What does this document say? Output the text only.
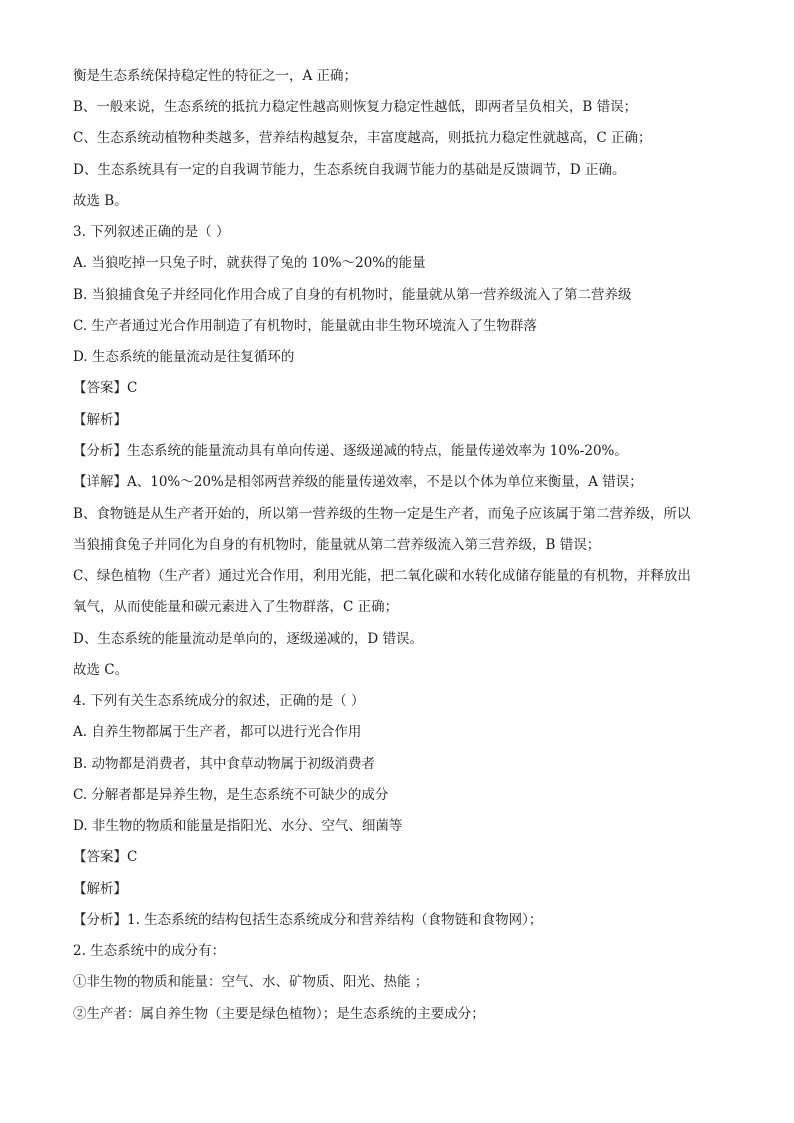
衡是生态系统保持稳定性的特征之一，A 正确；
B、一般来说，生态系统的抵抗力稳定性越高则恢复力稳定性越低，即两者呈负相关，B 错误；
C、生态系统动植物种类越多，营养结构越复杂，丰富度越高，则抵抗力稳定性就越高，C 正确；
D、生态系统具有一定的自我调节能力，生态系统自我调节能力的基础是反馈调节，D 正确。
故选 B。
3. 下列叙述正确的是（ ）
A. 当狼吃掉一只兔子时，就获得了兔的 10%～20%的能量
B. 当狼捕食兔子并经同化作用合成了自身的有机物时，能量就从第一营养级流入了第二营养级
C. 生产者通过光合作用制造了有机物时，能量就由非生物环境流入了生物群落
D. 生态系统的能量流动是往复循环的
【答案】C
【解析】
【分析】生态系统的能量流动具有单向传递、逐级递减的特点，能量传递效率为 10%-20%。
【详解】A、10%～20%是相邻两营养级的能量传递效率，不是以个体为单位来衡量，A 错误；
B、食物链是从生产者开始的，所以第一营养级的生物一定是生产者，而兔子应该属于第二营养级，所以
当狼捕食兔子并同化为自身的有机物时，能量就从第二营养级流入第三营养级，B 错误；
C、绿色植物（生产者）通过光合作用，利用光能，把二氧化碳和水转化成储存能量的有机物，并释放出
氧气，从而使能量和碳元素进入了生物群落，C 正确；
D、生态系统的能量流动是单向的，逐级递减的，D 错误。
故选 C。
4. 下列有关生态系统成分的叙述，正确的是（ ）
A. 自养生物都属于生产者，都可以进行光合作用
B. 动物都是消费者，其中食草动物属于初级消费者
C. 分解者都是异养生物，是生态系统不可缺少的成分
D. 非生物的物质和能量是指阳光、水分、空气、细菌等
【答案】C
【解析】
【分析】1. 生态系统的结构包括生态系统成分和营养结构（食物链和食物网）；
2. 生态系统中的成分有：
①非生物的物质和能量：空气、水、矿物质、阳光、热能 ；
②生产者：属自养生物（主要是绿色植物）；是生态系统的主要成分；
